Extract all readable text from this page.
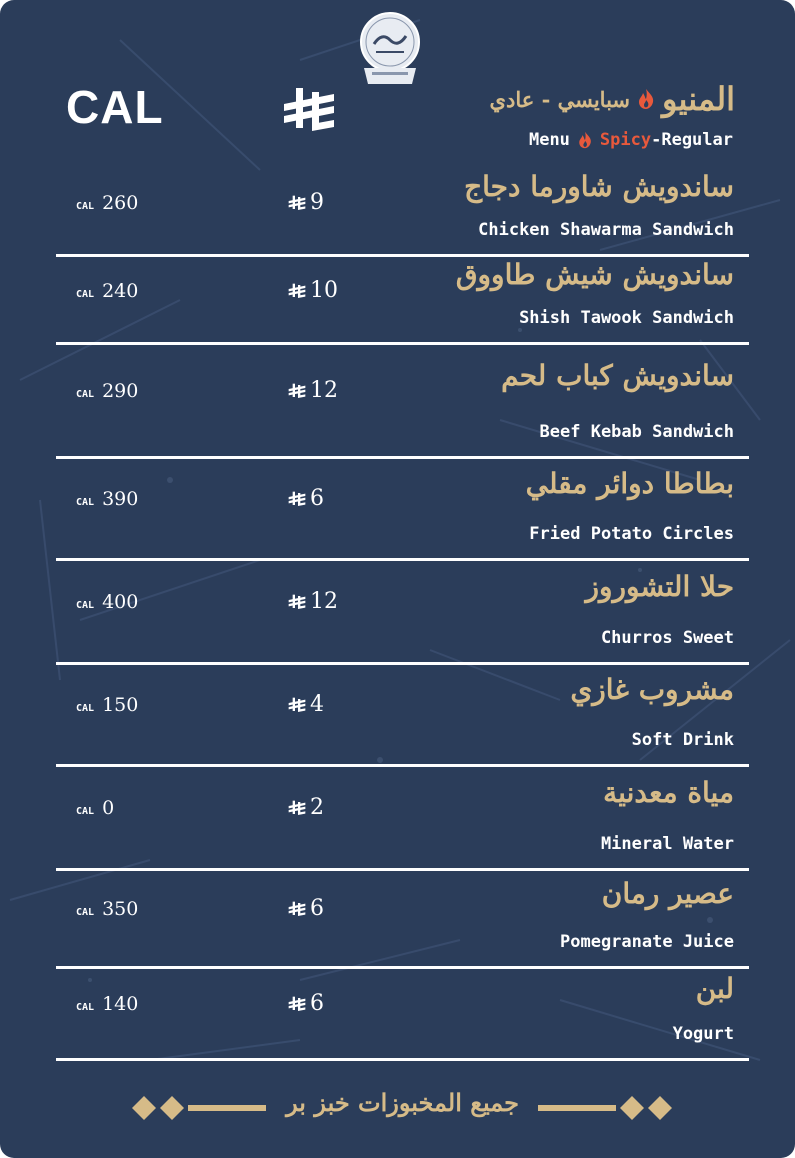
CAL	المنيو
سبايسي - عادي
Menu Spicy -Regular
CAL 260	9	ساندويش شاورما دجاج
Chicken Shawarma Sandwich
CAL 240	10	ساندويش شيش طاووق
Shish Tawook Sandwich
CAL 290	12	ساندويش كباب لحم
Beef Kebab Sandwich
CAL 390	6	بطاطا دوائر مقلي
Fried Potato Circles
CAL 400	12	حلا التشوروز
Churros Sweet
CAL 150	4	مشروب غازي
Soft Drink
CAL 0	2	مياة معدنية
Mineral Water
CAL 350	6	عصير رمان
Pomegranate Juice
CAL 140	6	لبن
Yogurt
جميع المخبوزات خبز بر
